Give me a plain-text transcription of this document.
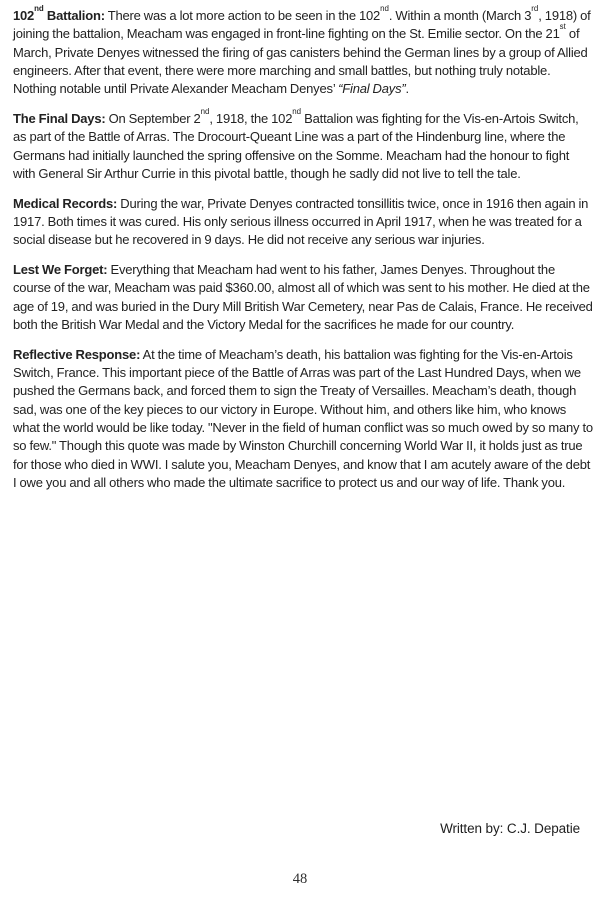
102nd Battalion: There was a lot more action to be seen in the 102nd. Within a month (March 3rd, 1918) of joining the battalion, Meacham was engaged in front-line fighting on the St. Emilie sector. On the 21st of March, Private Denyes witnessed the firing of gas canisters behind the German lines by a group of Allied engineers. After that event, there were more marching and small battles, but nothing truly notable. Nothing notable until Private Alexander Meacham Denyes’ “Final Days”.

The Final Days: On September 2nd, 1918, the 102nd Battalion was fighting for the Vis-en-Artois Switch, as part of the Battle of Arras. The Drocourt-Queant Line was a part of the Hindenburg line, where the Germans had initially launched the spring offensive on the Somme. Meacham had the honour to fight with General Sir Arthur Currie in this pivotal battle, though he sadly did not live to tell the tale.

Medical Records: During the war, Private Denyes contracted tonsillitis twice, once in 1916 then again in 1917. Both times it was cured. His only serious illness occurred in April 1917, when he was treated for a social disease but he recovered in 9 days. He did not receive any serious war injuries.

Lest We Forget: Everything that Meacham had went to his father, James Denyes. Throughout the course of the war, Meacham was paid $360.00, almost all of which was sent to his mother. He died at the age of 19, and was buried in the Dury Mill British War Cemetery, near Pas de Calais, France. He received both the British War Medal and the Victory Medal for the sacrifices he made for our country.

Reflective Response: At the time of Meacham’s death, his battalion was fighting for the Vis-en-Artois Switch, France. This important piece of the Battle of Arras was part of the Last Hundred Days, when we pushed the Germans back, and forced them to sign the Treaty of Versailles. Meacham’s death, though sad, was one of the key pieces to our victory in Europe. Without him, and others like him, who knows what the world would be like today. "Never in the field of human conflict was so much owed by so many to so few." Though this quote was made by Winston Churchill concerning World War II, it holds just as true for those who died in WWI. I salute you, Meacham Denyes, and know that I am acutely aware of the debt I owe you and all others who made the ultimate sacrifice to protect us and our way of life. Thank you.

Written by: C.J. Depatie
48
